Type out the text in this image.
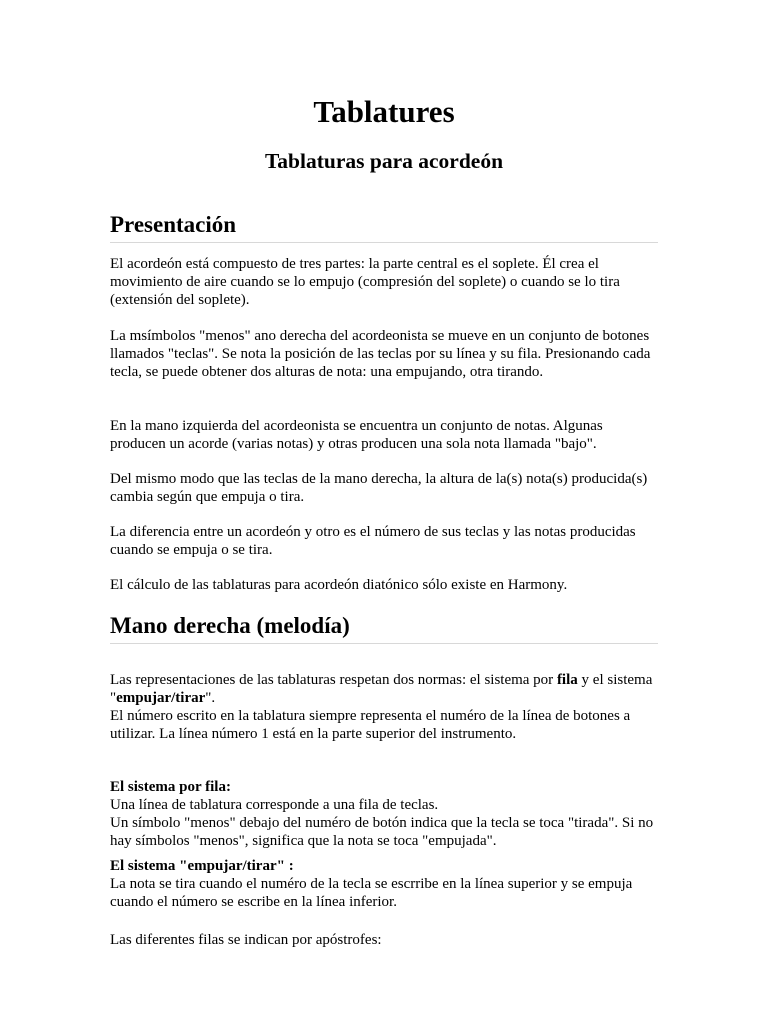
Tablatures
Tablaturas para acordeón
Presentación

El acordeón está compuesto de tres partes: la parte central es el soplete. Él crea el movimiento de aire cuando se lo empujo (compresión del soplete) o cuando se lo tira (extensión del soplete).

La msímbolos "menos" ano derecha del acordeonista se mueve en un conjunto de botones llamados "teclas". Se nota la posición de las teclas por su línea y su fila. Presionando cada tecla, se puede obtener dos alturas de nota: una empujando, otra tirando.

En la mano izquierda del acordeonista se encuentra un conjunto de notas. Algunas producen un acorde (varias notas) y otras producen una sola nota llamada "bajo".

Del mismo modo que las teclas de la mano derecha, la altura de la(s) nota(s) producida(s) cambia según que empuja o tira.

La diferencia entre un acordeón y otro es el número de sus teclas y las notas producidas cuando se empuja o se tira.

El cálculo de las tablaturas para acordeón diatónico sólo existe en Harmony.

Mano derecha (melodía)

Las representaciones de las tablaturas respetan dos normas: el sistema por fila y el sistema "empujar/tirar".
El número escrito en la tablatura siempre representa el numéro de la línea de botones a utilizar. La línea número 1 está en la parte superior del instrumento.

El sistema por fila:
Una línea de tablatura corresponde a una fila de teclas.
Un símbolo "menos" debajo del numéro de botón indica que la tecla se toca "tirada". Si no hay símbolos "menos", significa que la nota se toca "empujada".

El sistema "empujar/tirar" :
La nota se tira cuando el numéro de la tecla se escrribe en la línea superior y se empuja cuando el número se escribe en la línea inferior.

Las diferentes filas se indican por apóstrofes:
